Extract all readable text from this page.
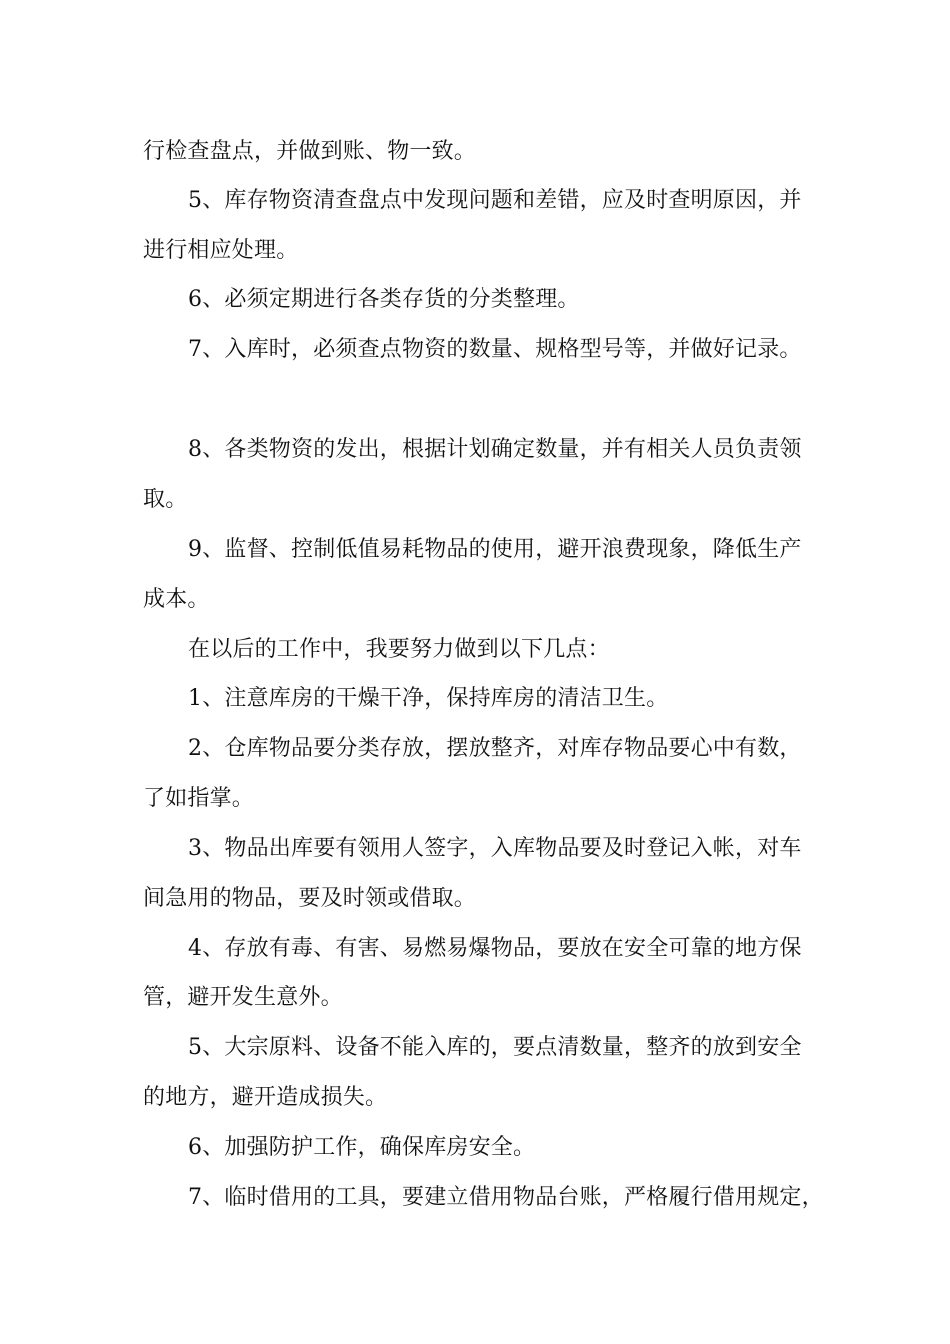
行检查盘点，并做到账、物一致。
5、库存物资清查盘点中发现问题和差错，应及时查明原因，并
进行相应处理。
6、必须定期进行各类存货的分类整理。
7、入库时，必须查点物资的数量、规格型号等，并做好记录。
8、各类物资的发出，根据计划确定数量，并有相关人员负责领
取。
9、监督、控制低值易耗物品的使用，避开浪费现象，降低生产
成本。
在以后的工作中，我要努力做到以下几点：
1、注意库房的干燥干净，保持库房的清洁卫生。
2、仓库物品要分类存放，摆放整齐，对库存物品要心中有数，
了如指掌。
3、物品出库要有领用人签字，入库物品要及时登记入帐，对车
间急用的物品，要及时领或借取。
4、存放有毒、有害、易燃易爆物品，要放在安全可靠的地方保
管，避开发生意外。
5、大宗原料、设备不能入库的，要点清数量，整齐的放到安全
的地方，避开造成损失。
6、加强防护工作，确保库房安全。
7、临时借用的工具，要建立借用物品台账，严格履行借用规定，
